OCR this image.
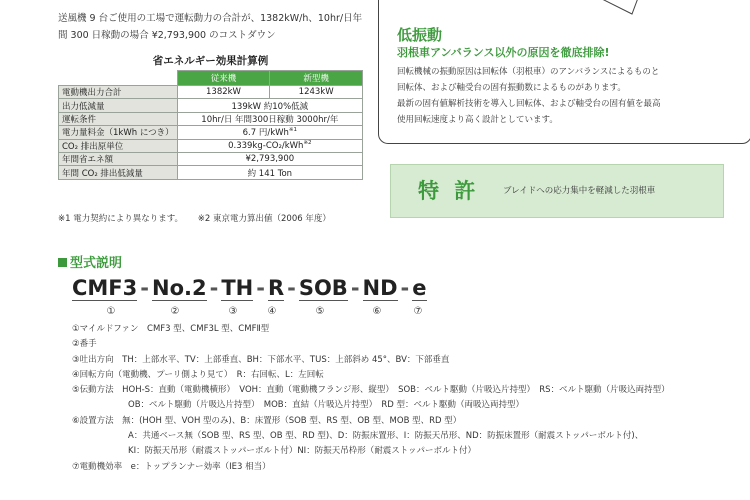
送風機 9 台ご使用の工場で運転動力の合計が、1382kW/h、10hr/日年
間 300 日稼動の場合 ¥2,793,900 のコストダウン
省エネルギー効果計算例
	従来機	新型機
電動機出力合計	1382kW	1243kW
出力低減量	139kW 約10%低減	
運転条件	10hr/日 年間300日稼動 3000hr/年	
電力量料金（1kWh につき）	6.7 円/kWh$^{※1}$
CO₂ 排出原単位	0.339kg-CO₂/kWh$^{※2}$
年間省エネ額	¥2,793,900	
年間 CO₂ 排出低減量	約 141 Ton	
※1 電力契約により異なります。 ※2 東京電力算出値（2006 年度）
低振動
羽根車アンバランス以外の原因を徹底排除!
回転機械の振動原因は回転体（羽根車）のアンバランスによるものと
回転体、および軸受台の固有振動数によるものがあります。
最新の固有値解析技術を導入し回転体、および軸受台の固有値を最高
使用回転速度より高く設計としています。
特 許	ブレイドへの応力集中を軽減した羽根車
型式説明
CMF3 - No.2 - TH - R - SOB - ND - e
①	②	③	④	⑤	⑥	⑦
①マイルドファン　CMF3 型、CMF3L 型、CMFⅡ型
②番手
③吐出方向　TH：上部水平、TV：上部垂直、BH：下部水平、TUS：上部斜め 45°、BV：下部垂直
④回転方向（電動機、プーリ側より見て）　R：右回転、L：左回転
⑤伝動方法　HOH-S：直動（電動機横形）　VOH：直動（電動機フランジ形、縦型）　SOB：ベルト駆動（片吸込片持型）　RS：ベルト駆動（片吸込両持型）
OB：ベルト駆動（片吸込片持型）　MOB：直結（片吸込片持型）　RD 型：ベルト駆動（両吸込両持型）
⑥設置方法　無：(HOH 型、VOH 型のみ)、B：床置形（SOB 型、RS 型、OB 型、MOB 型、RD 型）
A：共通ベース無（SOB 型、RS 型、OB 型、RD 型)、D：防振床置形、I：防振天吊形、ND：防振床置形（耐震ストッパーボルト付)、
KI：防振天吊形（耐震ストッパーボルト付）NI：防振天吊枠形（耐震ストッパーボルト付）
⑦電動機効率　e：トップランナー効率（IE3 相当）
